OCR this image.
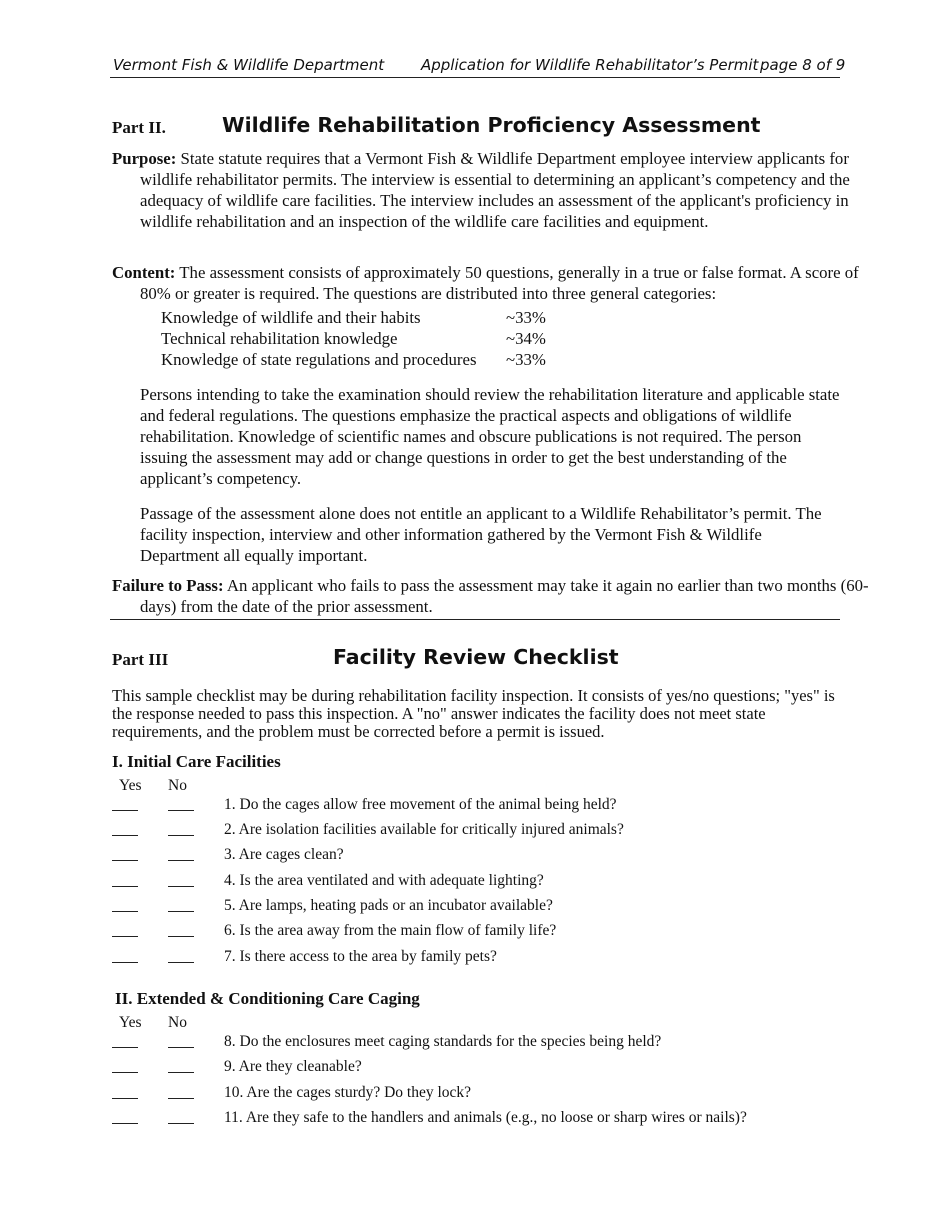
Vermont Fish & Wildlife Department Application for Wildlife Rehabilitator’s Permit page 8 of 9
Part II.	Wildlife Rehabilitation Proficiency Assessment
Purpose: State statute requires that a Vermont Fish & Wildlife Department employee interview applicants for wildlife rehabilitator permits. The interview is essential to determining an applicant’s competency and the adequacy of wildlife care facilities. The interview includes an assessment of the applicant's proficiency in wildlife rehabilitation and an inspection of the wildlife care facilities and equipment.
Content: The assessment consists of approximately 50 questions, generally in a true or false format. A score of 80% or greater is required. The questions are distributed into three general categories:
Knowledge of wildlife and their habits	~33%
Technical rehabilitation knowledge	~34%
Knowledge of state regulations and procedures ~33%
Persons intending to take the examination should review the rehabilitation literature and applicable state and federal regulations. The questions emphasize the practical aspects and obligations of wildlife rehabilitation. Knowledge of scientific names and obscure publications is not required. The person issuing the assessment may add or change questions in order to get the best understanding of the applicant’s competency.
Passage of the assessment alone does not entitle an applicant to a Wildlife Rehabilitator’s permit. The facility inspection, interview and other information gathered by the Vermont Fish & Wildlife Department all equally important.
Failure to Pass: An applicant who fails to pass the assessment may take it again no earlier than two months (60-days) from the date of the prior assessment.
Part III	Facility Review Checklist
This sample checklist may be during rehabilitation facility inspection. It consists of yes/no questions; "yes" is the response needed to pass this inspection. A "no" answer indicates the facility does not meet state requirements, and the problem must be corrected before a permit is issued.
I. Initial Care Facilities
Yes No
1. Do the cages allow free movement of the animal being held?
2. Are isolation facilities available for critically injured animals?
3. Are cages clean?
4. Is the area ventilated and with adequate lighting?
5. Are lamps, heating pads or an incubator available?
6. Is the area away from the main flow of family life?
7. Is there access to the area by family pets?
II. Extended & Conditioning Care Caging
Yes No
8. Do the enclosures meet caging standards for the species being held?
9. Are they cleanable?
10. Are the cages sturdy? Do they lock?
11. Are they safe to the handlers and animals (e.g., no loose or sharp wires or nails)?
